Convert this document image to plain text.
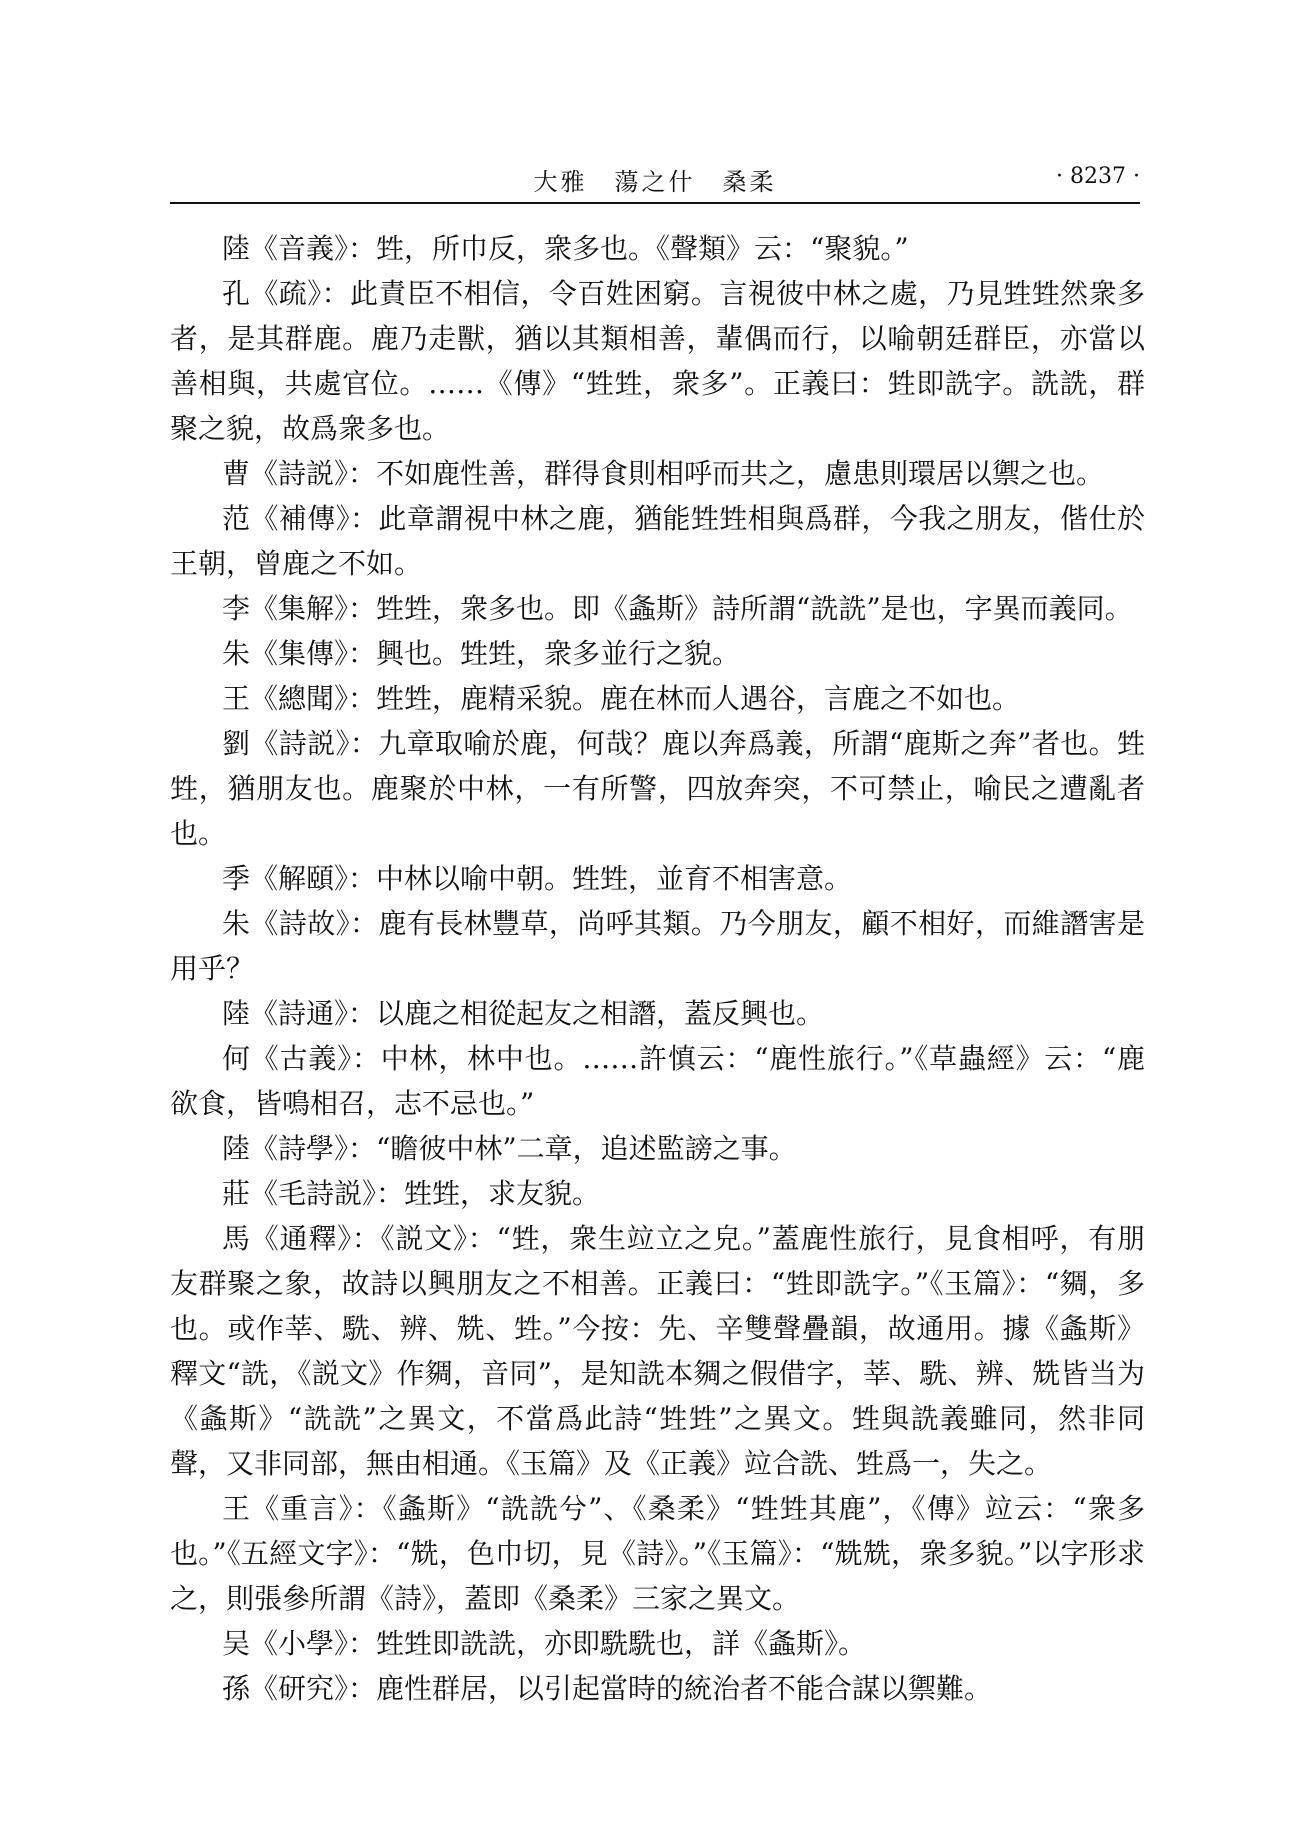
大雅　蕩之什　桑柔	· 8237 ·

陸《音義》：甡，所巾反，衆多也。《聲類》云：“聚貌。”

孔《疏》：此責臣不相信，令百姓困窮。言視彼中林之處，乃見甡甡然衆多者，是其群鹿。鹿乃走獸，猶以其類相善，輩偶而行，以喻朝廷群臣，亦當以善相與，共處官位。……《傳》“甡甡，衆多”。正義曰：甡即詵字。詵詵，群聚之貌，故爲衆多也。

曹《詩説》：不如鹿性善，群得食則相呼而共之，慮患則環居以禦之也。

范《補傳》：此章謂視中林之鹿，猶能甡甡相與爲群，今我之朋友，偕仕於王朝，曾鹿之不如。

李《集解》：甡甡，衆多也。即《螽斯》詩所謂“詵詵”是也，字異而義同。

朱《集傳》：興也。甡甡，衆多並行之貌。

王《總聞》：甡甡，鹿精采貌。鹿在林而人遇谷，言鹿之不如也。

劉《詩説》：九章取喻於鹿，何哉？鹿以奔爲義，所謂“鹿斯之奔”者也。甡甡，猶朋友也。鹿聚於中林，一有所警，四放奔突，不可禁止，喻民之遭亂者也。

季《解頤》：中林以喻中朝。甡甡，並育不相害意。

朱《詩故》：鹿有長林豐草，尚呼其類。乃今朋友，顧不相好，而維譖害是用乎？

陸《詩通》：以鹿之相從起友之相譖，蓋反興也。

何《古義》：中林，林中也。……許慎云：“鹿性旅行。”《草蟲經》云：“鹿欲食，皆鳴相召，志不忌也。”

陸《詩學》：“瞻彼中林”二章，追述監謗之事。

莊《毛詩説》：甡甡，求友貌。

馬《通釋》：《説文》：“甡，衆生竝立之皃。”蓋鹿性旅行，見食相呼，有朋友群聚之象，故詩以興朋友之不相善。正義曰：“甡即詵字。”《玉篇》：“㚋，多也。或作莘、駪、辨、兟、甡。”今按：先、辛雙聲疊韻，故通用。據《螽斯》釋文“詵，《説文》作㚋，音同”，是知詵本㚋之假借字，莘、駪、辨、兟皆当为《螽斯》“詵詵”之異文，不當爲此詩“甡甡”之異文。甡與詵義雖同，然非同聲，又非同部，無由相通。《玉篇》及《正義》竝合詵、甡爲一，失之。

王《重言》：《螽斯》“詵詵兮”、《桑柔》“甡甡其鹿”，《傳》竝云：“衆多也。”《五經文字》：“兟，色巾切，見《詩》。”《玉篇》：“兟兟，衆多貌。”以字形求之，則張參所謂《詩》，蓋即《桑柔》三家之異文。

吴《小學》：甡甡即詵詵，亦即駪駪也，詳《螽斯》。

孫《研究》：鹿性群居，以引起當時的統治者不能合謀以禦難。
